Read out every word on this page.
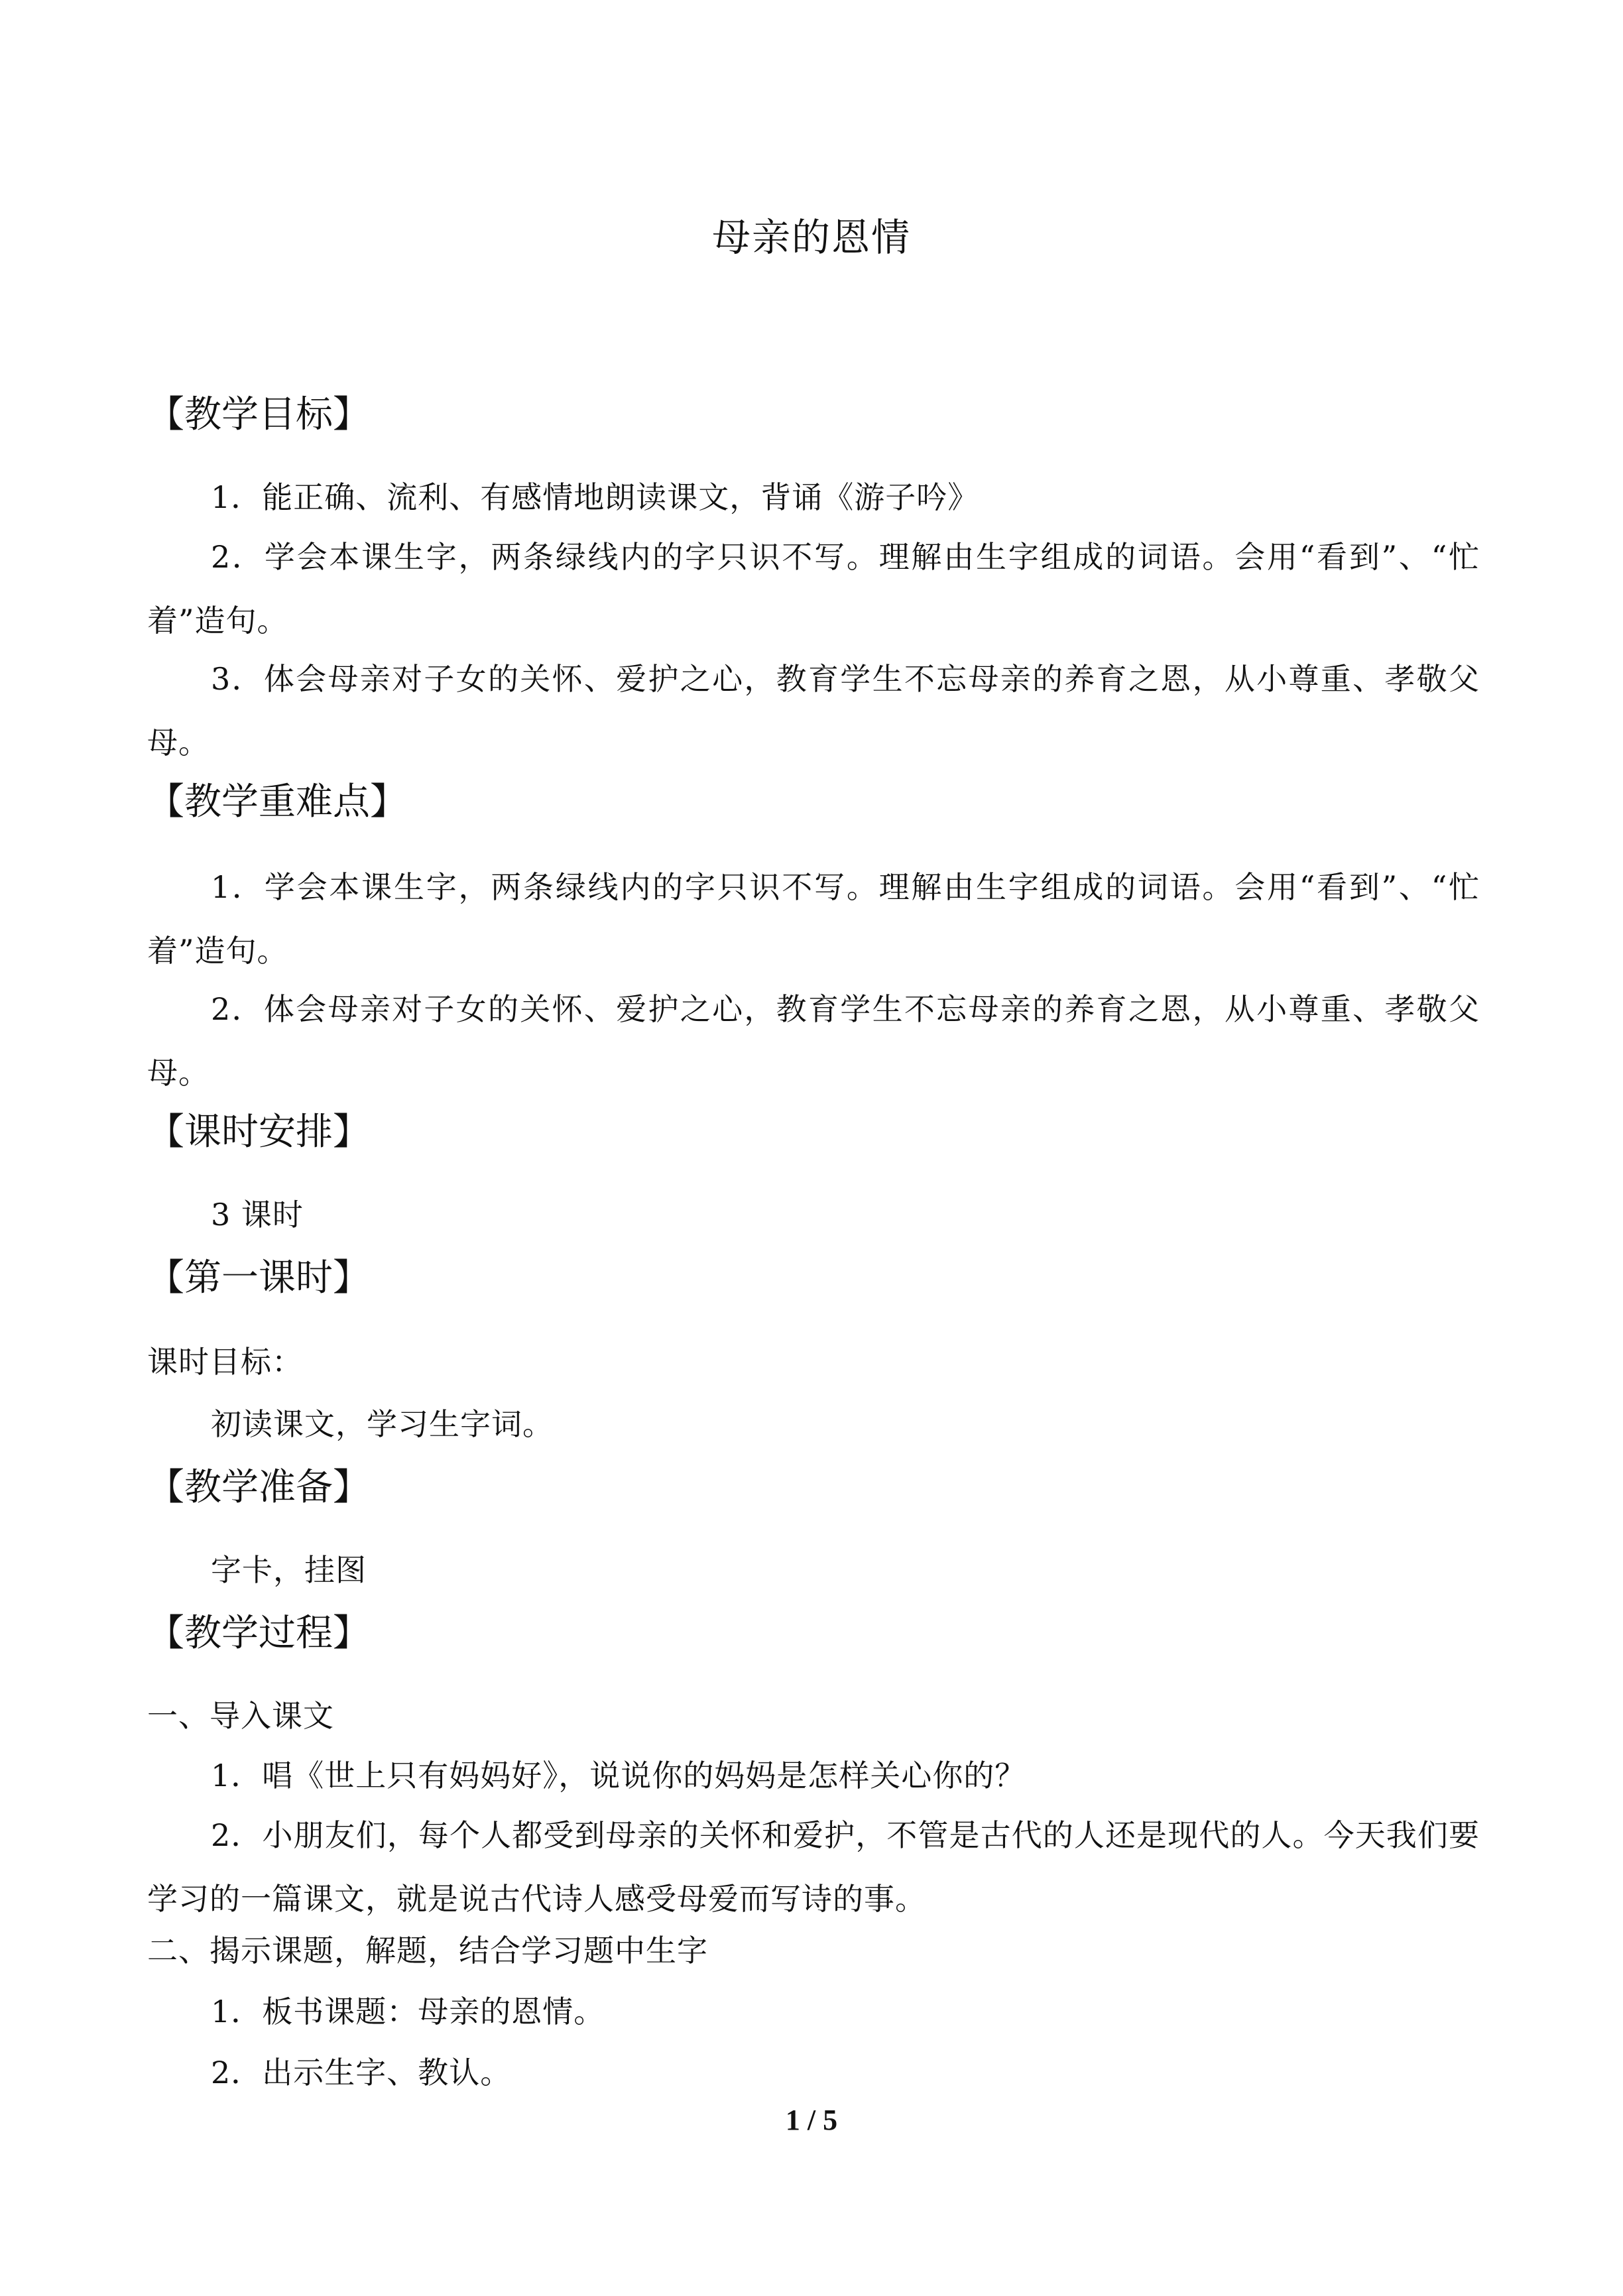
母亲的恩情
【教学目标】
1．能正确、流利、有感情地朗读课文，背诵《游子吟》
2．学会本课生字，两条绿线内的字只识不写。理解由生字组成的词语。会用“看到”、“忙着”造句。
3．体会母亲对子女的关怀、爱护之心，教育学生不忘母亲的养育之恩，从小尊重、孝敬父母。
【教学重难点】
1．学会本课生字，两条绿线内的字只识不写。理解由生字组成的词语。会用“看到”、“忙着”造句。
2．体会母亲对子女的关怀、爱护之心，教育学生不忘母亲的养育之恩，从小尊重、孝敬父母。
【课时安排】
3 课时
【第一课时】
课时目标：
初读课文，学习生字词。
【教学准备】
字卡，挂图
【教学过程】
一、导入课文
1．唱《世上只有妈妈好》，说说你的妈妈是怎样关心你的？
2．小朋友们，每个人都受到母亲的关怀和爱护，不管是古代的人还是现代的人。今天我们要学习的一篇课文，就是说古代诗人感受母爱而写诗的事。
二、揭示课题，解题，结合学习题中生字
1．板书课题：母亲的恩情。
2．出示生字、教认。
1 / 5
